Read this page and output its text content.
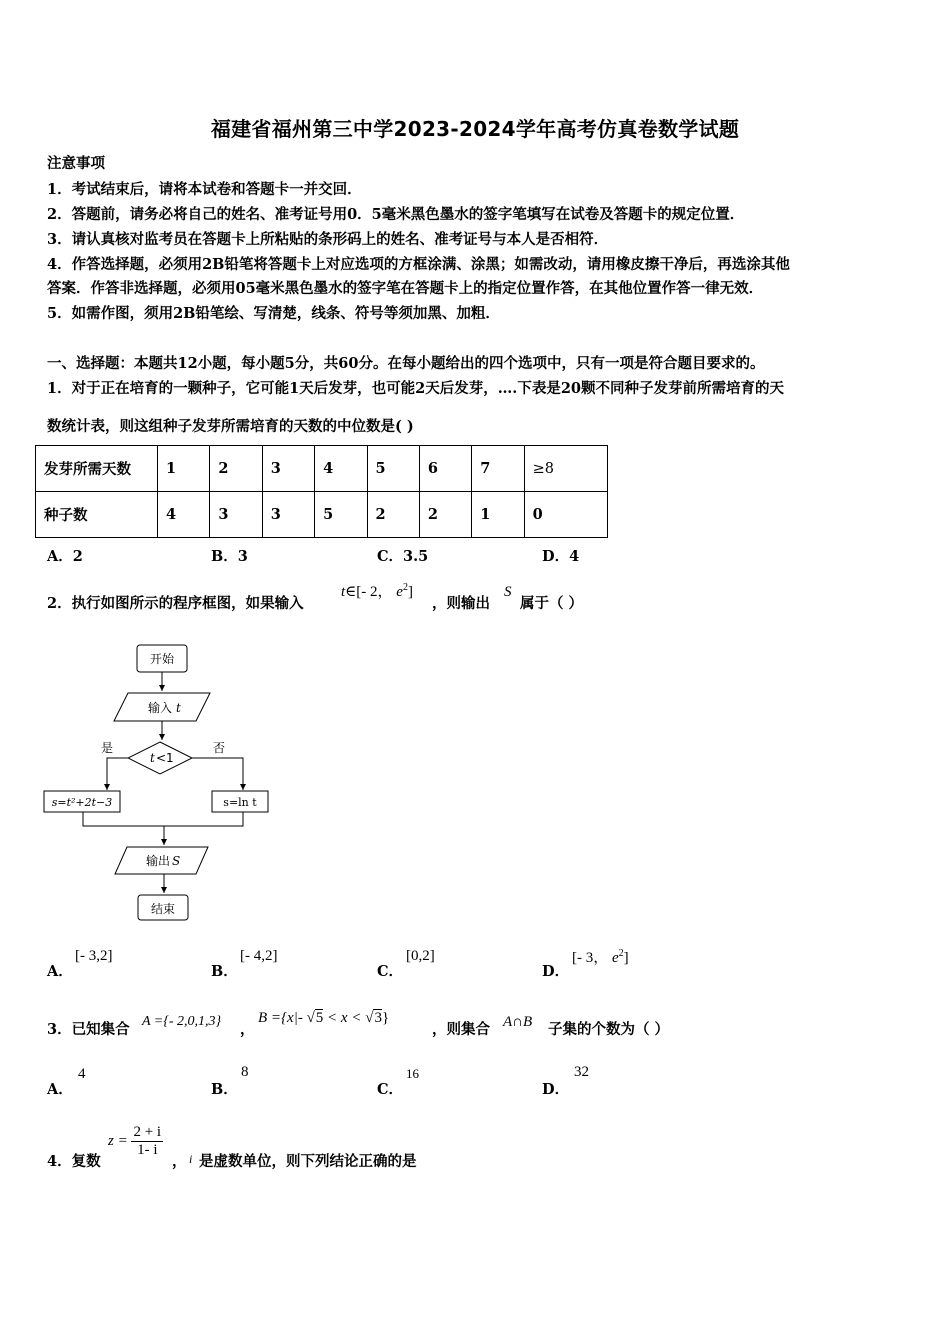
福建省福州第三中学2023-2024学年高考仿真卷数学试题
注意事项
1．考试结束后，请将本试卷和答题卡一并交回．
2．答题前，请务必将自己的姓名、准考证号用0．5毫米黑色墨水的签字笔填写在试卷及答题卡的规定位置．
3．请认真核对监考员在答题卡上所粘贴的条形码上的姓名、准考证号与本人是否相符．
4．作答选择题，必须用2B铅笔将答题卡上对应选项的方框涂满、涂黑；如需改动，请用橡皮擦干净后，再选涂其他
答案．作答非选择题，必须用05毫米黑色墨水的签字笔在答题卡上的指定位置作答，在其他位置作答一律无效．
5．如需作图，须用2B铅笔绘、写清楚，线条、符号等须加黑、加粗．
一、选择题：本题共12小题，每小题5分，共60分。在每小题给出的四个选项中，只有一项是符合题目要求的。
1．对于正在培育的一颗种子，它可能1天后发芽，也可能2天后发芽，….下表是20颗不同种子发芽前所需培育的天
数统计表，则这组种子发芽所需培育的天数的中位数是( )
发芽所需天数	1	2	3	4	5	6	7	≥8
种子数	4	3	3	5	2	2	1	0
A．2	B．3	C．3.5	D．4
2．执行如图所示的程序框图，如果输入
t∈[- 2， $e^2$]
，则输出
S
属于（ ）
开始
输入 t
t <1
是	否
s=t²+2t−3	s=ln t
输出 S
结束
A．
[- 3,2]
B．
[- 4,2]
C．
[0,2]
D．
[- 3， $e^2$]
3．已知集合 A ={- 2,0,1,3} ，
B ={x|- √5 < x < √3}
，则集合 A∩B 子集的个数为（ ）
A．
4
B．
8
C．
16
D．
32
4．复数
$z = \frac{2 + i}{1- i}$
， i 是虚数单位，则下列结论正确的是
